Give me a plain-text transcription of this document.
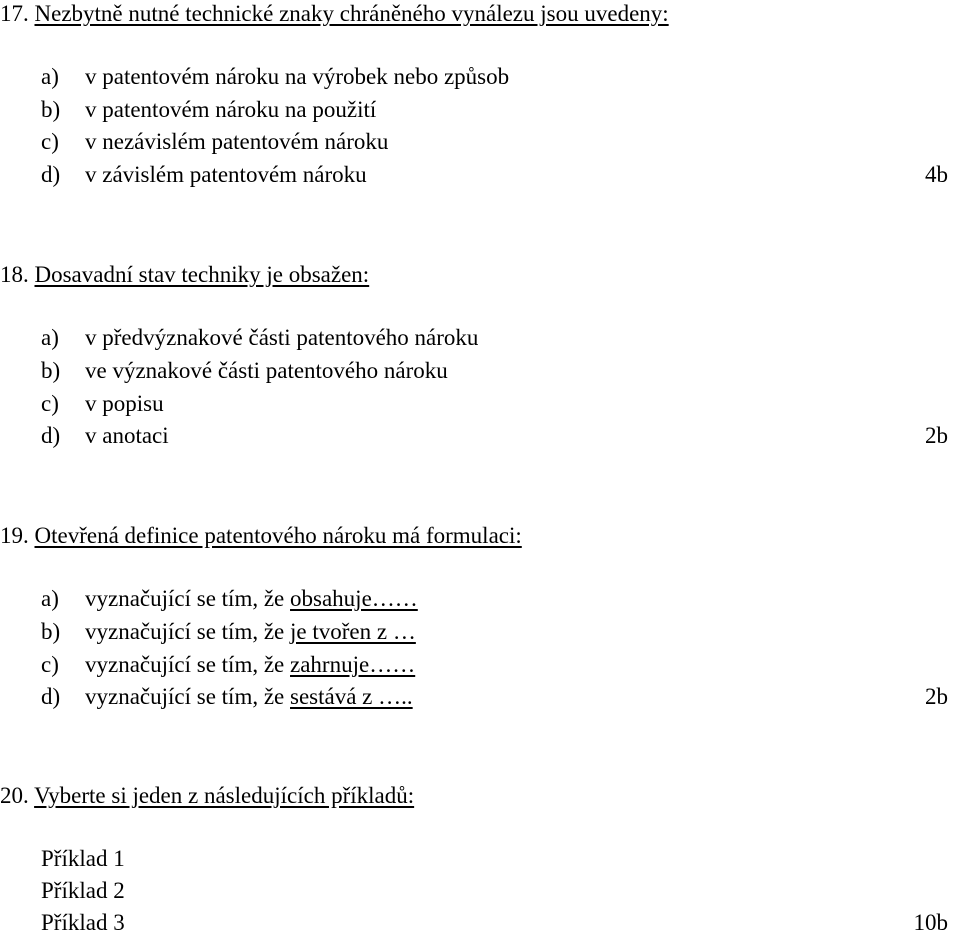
17. Nezbytně nutné technické znaky chráněného vynálezu jsou uvedeny:
a) v patentovém nároku na výrobek nebo způsob
b) v patentovém nároku na použití
c) v nezávislém patentovém nároku
d) v závislém patentovém nároku	4b
18. Dosavadní stav techniky je obsažen:
a) v předvýznakové části patentového nároku
b) ve význakové části patentového nároku
c) v popisu
d) v anotaci	2b
19. Otevřená definice patentového nároku má formulaci:
a) vyznačující se tím, že obsahuje……
b) vyznačující se tím, že je tvořen z …
c) vyznačující se tím, že zahrnuje……
d) vyznačující se tím, že sestává z …..	2b
20. Vyberte si jeden z následujících příkladů:
Příklad 1
Příklad 2
Příklad 3	10b
